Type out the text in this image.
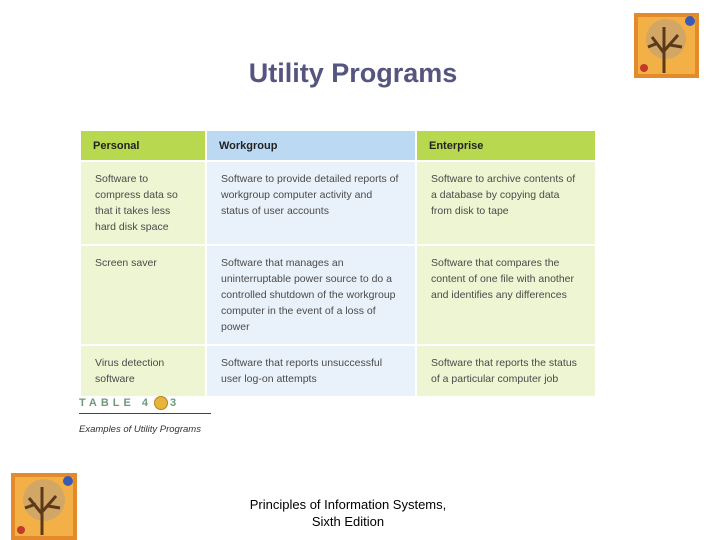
Utility Programs
Personal	Workgroup	Enterprise
Software to compress data so that it takes less hard disk space	Software to provide detailed reports of workgroup computer activity and status of user accounts	Software to archive contents of a database by copying data from disk to tape
Screen saver	Software that manages an uninterruptable power source to do a controlled shutdown of the workgroup computer in the event of a loss of power	Software that compares the content of one file with another and identifies any differences
Virus detection software	Software that reports unsuccessful user log-on attempts	Software that reports the status of a particular computer job
TABLE 4 3
Examples of Utility Programs
Principles of Information Systems,
Sixth Edition
